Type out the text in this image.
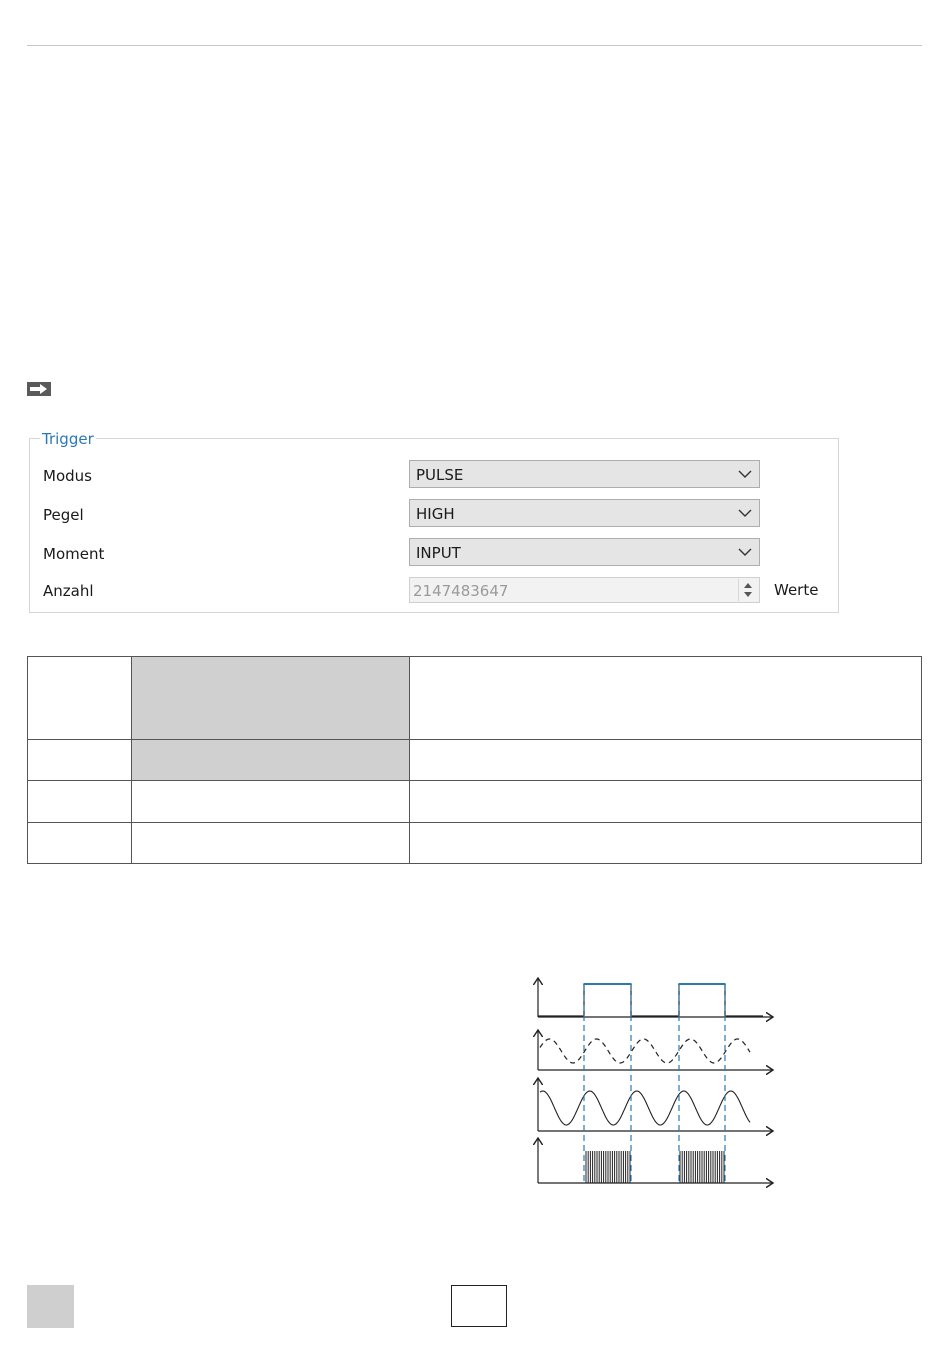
Trigger
Modus	PULSE
Pegel	HIGH
Moment	INPUT
Anzahl	2147483647	Werte
